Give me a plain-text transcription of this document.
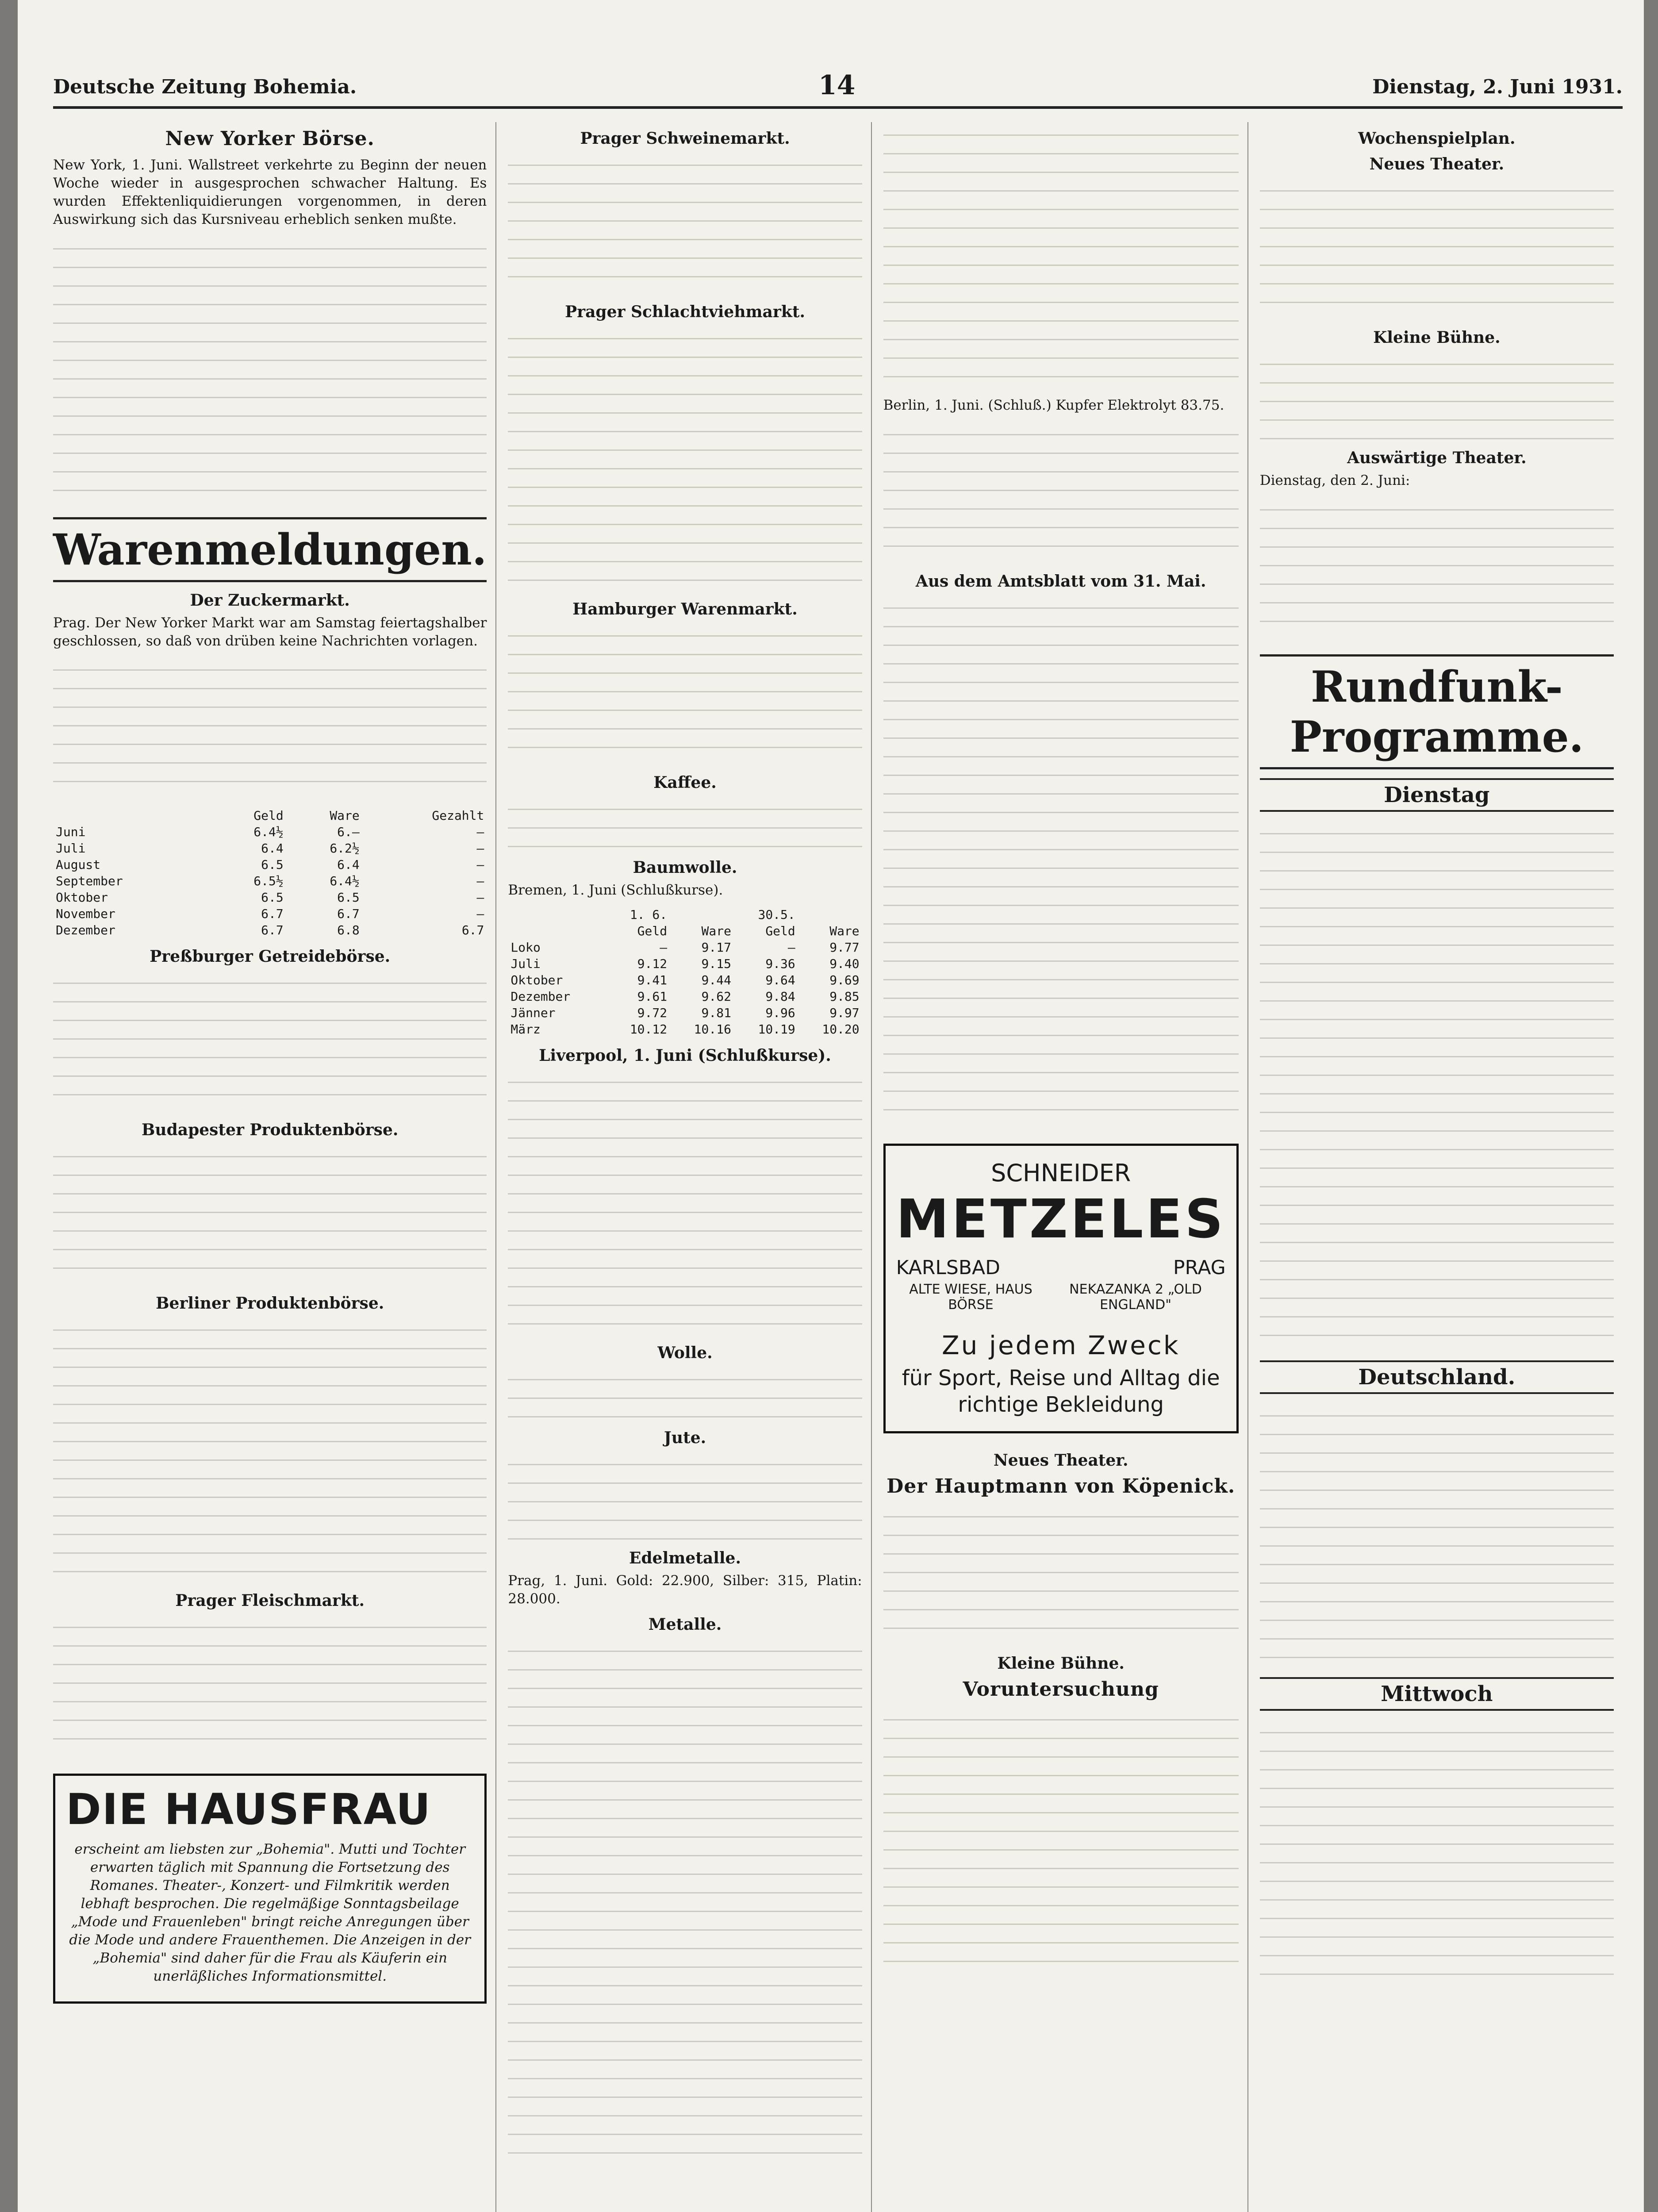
Deutsche Zeitung Bohemia.	14	Dienstag, 2. Juni 1931.
New Yorker Börse.

New York, 1. Juni. Wallstreet verkehrte zu Beginn der neuen Woche wieder in ausgesprochen schwacher Haltung. Es wurden Effektenliquidierungen vorgenommen, in deren Auswirkung sich das Kursniveau erheblich senken mußte.

Warenmeldungen.
Der Zuckermarkt.

Prag. Der New Yorker Markt war am Samstag feiertagshalber geschlossen, so daß von drüben keine Nachrichten vorlagen.

	Geld	Ware	Gezahlt
Juni	6.4½	6.—	—
Juli	6.4	6.2½	—
August	6.5	6.4	—
September	6.5½	6.4½	—
Oktober	6.5	6.5	—
November	6.7	6.7	—
Dezember	6.7	6.8	6.7
Preßburger Getreidebörse.
Budapester Produktenbörse.
Berliner Produktenbörse.
Prager Fleischmarkt.
DIE HAUSFRAU

erscheint am liebsten zur „Bohemia". Mutti und Tochter erwarten täglich mit Spannung die Fortsetzung des Romanes. Theater-, Konzert- und Filmkritik werden lebhaft besprochen. Die regelmäßige Sonntagsbeilage „Mode und Frauenleben" bringt reiche Anregungen über die Mode und andere Frauenthemen. Die Anzeigen in der „Bohemia" sind daher für die Frau als Käuferin ein unerläßliches Informationsmittel.

Prager Schweinemarkt.
Prager Schlachtviehmarkt.
Hamburger Warenmarkt.
Kaffee.
Baumwolle.

Bremen, 1. Juni (Schlußkurse).

	1. 6.		30.5.	
	Geld	Ware	Geld	Ware
Loko	—	9.17	—	9.77
Juli	9.12	9.15	9.36	9.40
Oktober	9.41	9.44	9.64	9.69
Dezember	9.61	9.62	9.84	9.85
Jänner	9.72	9.81	9.96	9.97
März	10.12	10.16	10.19	10.20
Liverpool, 1. Juni (Schlußkurse).
Wolle.
Jute.
Edelmetalle.

Prag, 1. Juni. Gold: 22.900, Silber: 315, Platin: 28.000.

Metalle.

Berlin, 1. Juni. (Schluß.) Kupfer Elektrolyt 83.75.

Aus dem Amtsblatt vom 31. Mai.
SCHNEIDER
METZELES
KARLSBAD	PRAG
ALTE WIESE, HAUS BÖRSE
NEKAZANKA 2 „OLD ENGLAND"
Zu jedem Zweck
für Sport, Reise und Alltag die richtige Bekleidung
Neues Theater.
Der Hauptmann von Köpenick.
Kleine Bühne.
Voruntersuchung
Wochenspielplan.
Neues Theater.
Kleine Bühne.
Auswärtige Theater.

Dienstag, den 2. Juni:

Rundfunk-Programme.
Dienstag
Deutschland.
Mittwoch
